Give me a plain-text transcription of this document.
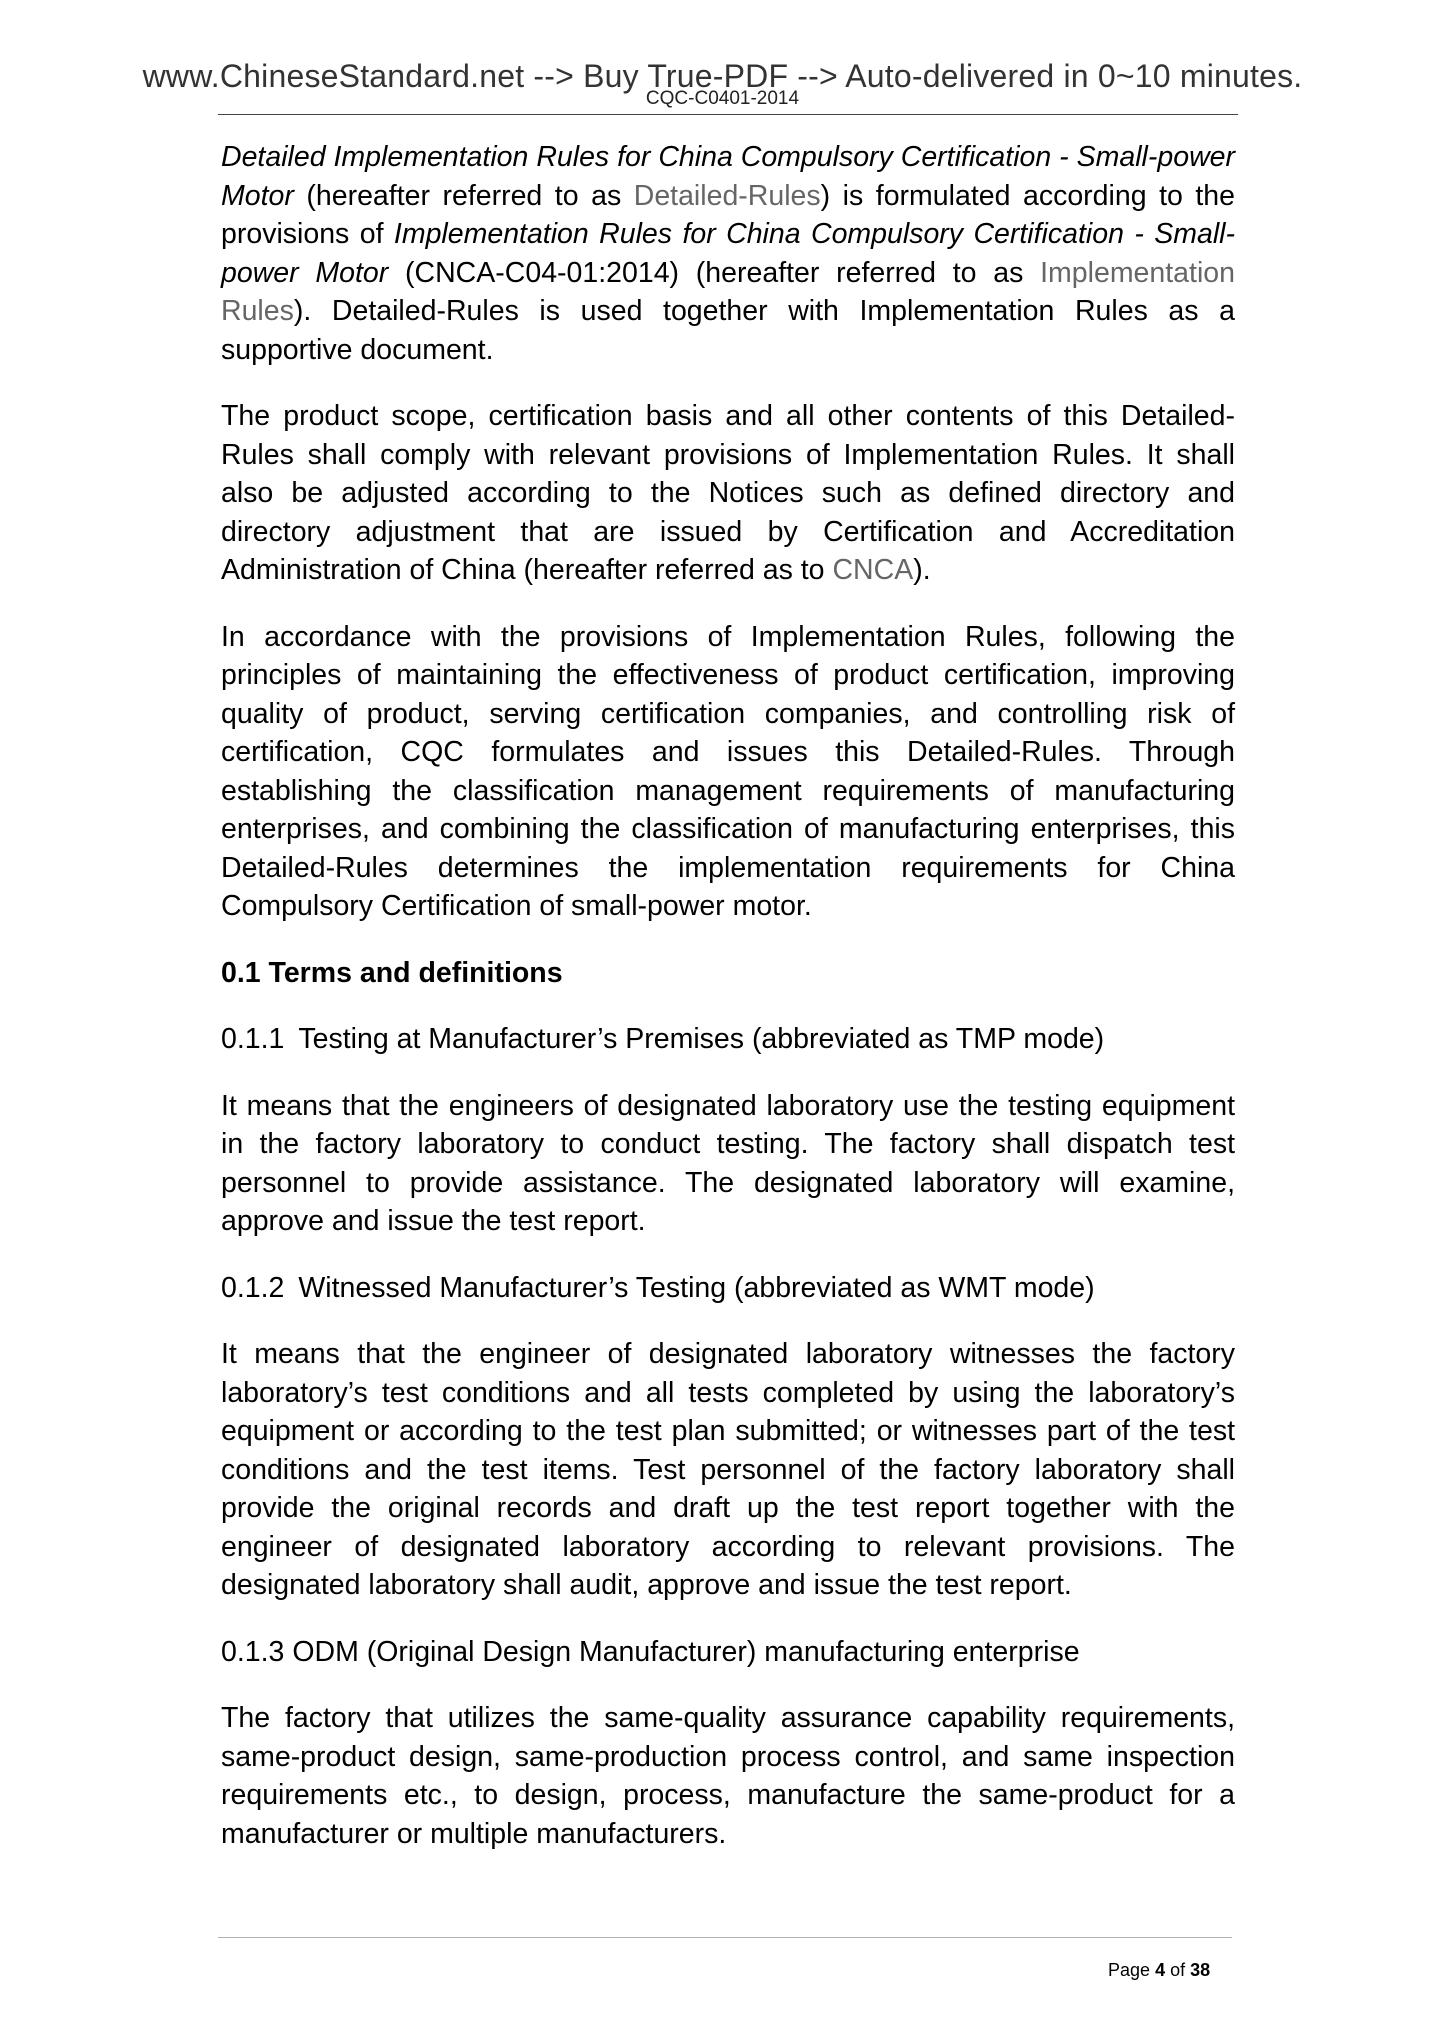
www.ChineseStandard.net --> Buy True-PDF --> Auto-delivered in 0~10 minutes.
CQC-C0401-2014

Detailed Implementation Rules for China Compulsory Certification - Small-power Motor (hereafter referred to as Detailed-Rules) is formulated according to the provisions of Implementation Rules for China Compulsory Certification - Small-power Motor (CNCA-C04-01:2014) (hereafter referred to as Implementation Rules). Detailed-Rules is used together with Implementation Rules as a supportive document.

The product scope, certification basis and all other contents of this Detailed-Rules shall comply with relevant provisions of Implementation Rules. It shall also be adjusted according to the Notices such as defined directory and directory adjustment that are issued by Certification and Accreditation Administration of China (hereafter referred as to CNCA).

In accordance with the provisions of Implementation Rules, following the principles of maintaining the effectiveness of product certification, improving quality of product, serving certification companies, and controlling risk of certification, CQC formulates and issues this Detailed-Rules. Through establishing the classification management requirements of manufacturing enterprises, and combining the classification of manufacturing enterprises, this Detailed-Rules determines the implementation requirements for China Compulsory Certification of small-power motor.

0.1 Terms and definitions

0.1.1 Testing at Manufacturer’s Premises (abbreviated as TMP mode)

It means that the engineers of designated laboratory use the testing equipment in the factory laboratory to conduct testing. The factory shall dispatch test personnel to provide assistance. The designated laboratory will examine, approve and issue the test report.

0.1.2 Witnessed Manufacturer’s Testing (abbreviated as WMT mode)

It means that the engineer of designated laboratory witnesses the factory laboratory’s test conditions and all tests completed by using the laboratory’s equipment or according to the test plan submitted; or witnesses part of the test conditions and the test items. Test personnel of the factory laboratory shall provide the original records and draft up the test report together with the engineer of designated laboratory according to relevant provisions. The designated laboratory shall audit, approve and issue the test report.

0.1.3 ODM (Original Design Manufacturer) manufacturing enterprise

The factory that utilizes the same-quality assurance capability requirements, same-product design, same-production process control, and same inspection requirements etc., to design, process, manufacture the same-product for a manufacturer or multiple manufacturers.

Page 4 of 38
